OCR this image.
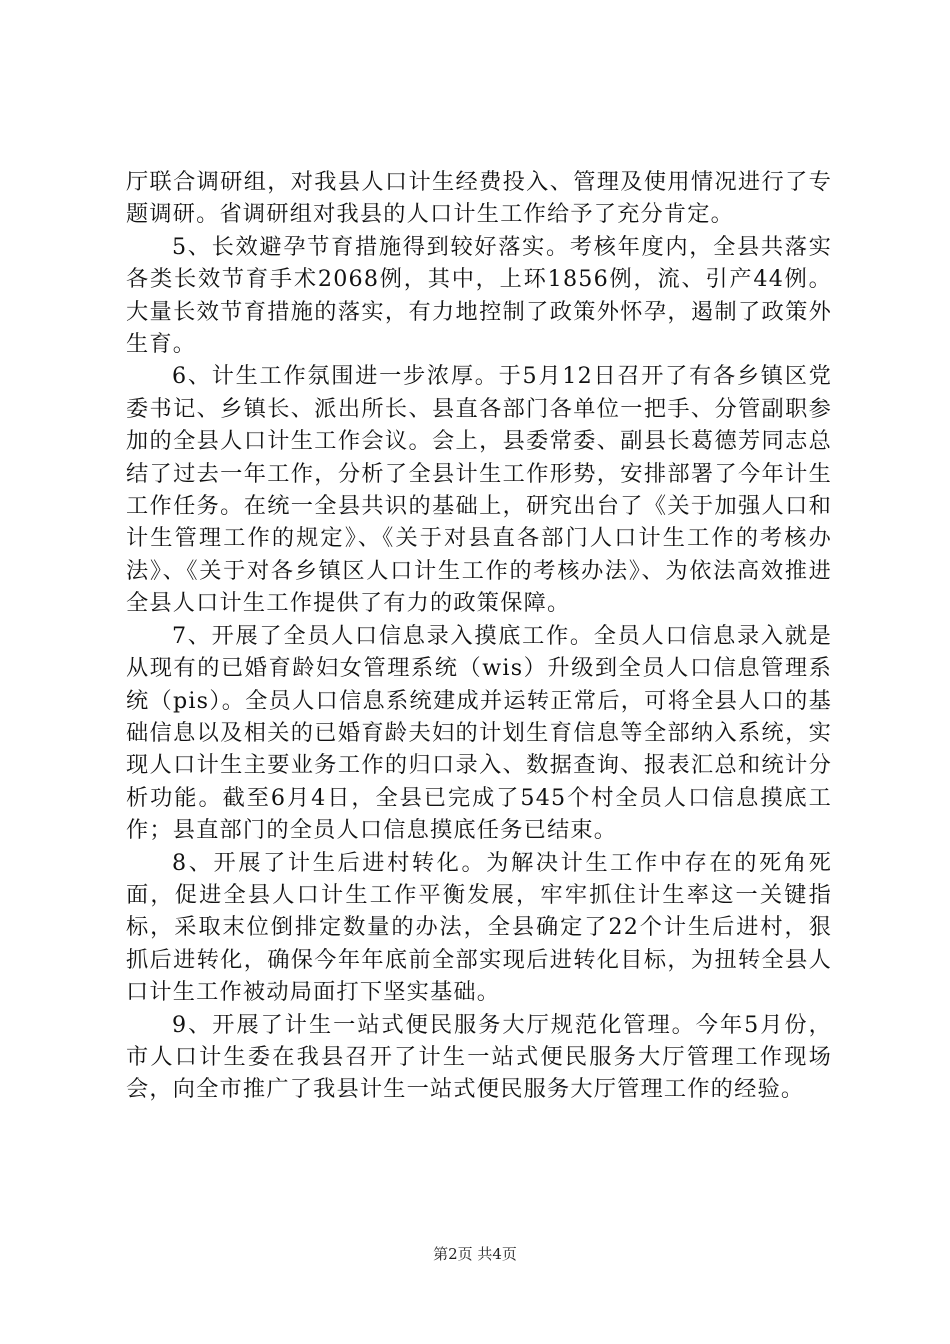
厅联合调研组，对我县人口计生经费投入、管理及使用情况进行了专题调研。省调研组对我县的人口计生工作给予了充分肯定。

5、长效避孕节育措施得到较好落实。考核年度内，全县共落实各类长效节育手术2068例，其中，上环1856例，流、引产44例。大量长效节育措施的落实，有力地控制了政策外怀孕，遏制了政策外生育。

6、计生工作氛围进一步浓厚。于5月12日召开了有各乡镇区党委书记、乡镇长、派出所长、县直各部门各单位一把手、分管副职参加的全县人口计生工作会议。会上，县委常委、副县长葛德芳同志总结了过去一年工作，分析了全县计生工作形势，安排部署了今年计生工作任务。在统一全县共识的基础上，研究出台了《关于加强人口和计生管理工作的规定》、《关于对县直各部门人口计生工作的考核办法》、《关于对各乡镇区人口计生工作的考核办法》、为依法高效推进全县人口计生工作提供了有力的政策保障。

7、开展了全员人口信息录入摸底工作。全员人口信息录入就是从现有的已婚育龄妇女管理系统（wis）升级到全员人口信息管理系统（pis）。全员人口信息系统建成并运转正常后，可将全县人口的基础信息以及相关的已婚育龄夫妇的计划生育信息等全部纳入系统，实现人口计生主要业务工作的归口录入、数据查询、报表汇总和统计分析功能。截至6月4日，全县已完成了545个村全员人口信息摸底工作；县直部门的全员人口信息摸底任务已结束。

8、开展了计生后进村转化。为解决计生工作中存在的死角死面，促进全县人口计生工作平衡发展，牢牢抓住计生率这一关键指标，采取末位倒排定数量的办法，全县确定了22个计生后进村，狠抓后进转化，确保今年年底前全部实现后进转化目标，为扭转全县人口计生工作被动局面打下坚实基础。

9、开展了计生一站式便民服务大厅规范化管理。今年5月份，市人口计生委在我县召开了计生一站式便民服务大厅管理工作现场会，向全市推广了我县计生一站式便民服务大厅管理工作的经验。

第2页 共4页
